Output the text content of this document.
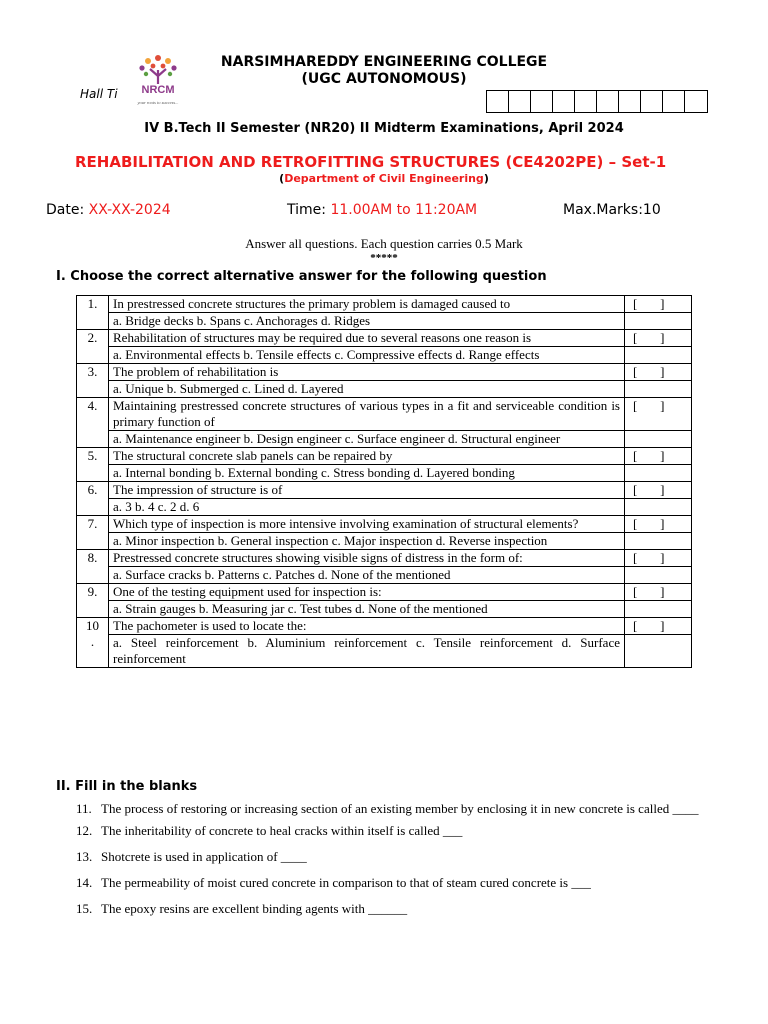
NRCM
your roots to success...
Hall Ti
NARSIMHAREDDY ENGINEERING COLLEGE
(UGC AUTONOMOUS)
IV B.Tech II Semester (NR20) II Midterm Examinations, April 2024
REHABILITATION AND RETROFITTING STRUCTURES (CE4202PE) – Set-1
(Department of Civil Engineering)
Date: XX-XX-2024	Time: 11.00AM to 11:20AM	Max.Marks:10
Answer all questions. Each question carries 0.5 Mark
*****
I. Choose the correct alternative answer for the following question
1.	In prestressed concrete structures the primary problem is damaged caused to	[       ]
	a. Bridge decks b. Spans c. Anchorages d. Ridges	
2.	Rehabilitation of structures may be required due to several reasons one reason is	[       ]
	a. Environmental effects b. Tensile effects c. Compressive effects d. Range effects	
3.	The problem of rehabilitation is	[       ]
	a. Unique b. Submerged c. Lined d. Layered	
4.	Maintaining prestressed concrete structures of various types in a fit and serviceable condition is primary function of	[       ]
	a. Maintenance engineer b. Design engineer c. Surface engineer d. Structural engineer	
5.	The structural concrete slab panels can be repaired by	[       ]
	a. Internal bonding b. External bonding c. Stress bonding d. Layered bonding	
6.	The impression of structure is of	[       ]
	a. 3 b. 4 c. 2 d. 6	
7.	Which type of inspection is more intensive involving examination of structural elements?	[       ]
	a. Minor inspection b. General inspection c. Major inspection d. Reverse inspection	
8.	Prestressed concrete structures showing visible signs of distress in the form of:	[       ]
	a. Surface cracks b. Patterns c. Patches d. None of the mentioned	
9.	One of the testing equipment used for inspection is:	[       ]
	a. Strain gauges b. Measuring jar c. Test tubes d. None of the mentioned	
10
.	The pachometer is used to locate the:	[       ]
	a. Steel reinforcement b. Aluminium reinforcement c. Tensile reinforcement d. Surface reinforcement	
II. Fill in the blanks
11. The process of restoring or increasing section of an existing member by enclosing it in new concrete is called ____
12. The inheritability of concrete to heal cracks within itself is called ___
13. Shotcrete is used in application of ____
14. The permeability of moist cured concrete in comparison to that of steam cured concrete is ___
15. The epoxy resins are excellent binding agents with ______
